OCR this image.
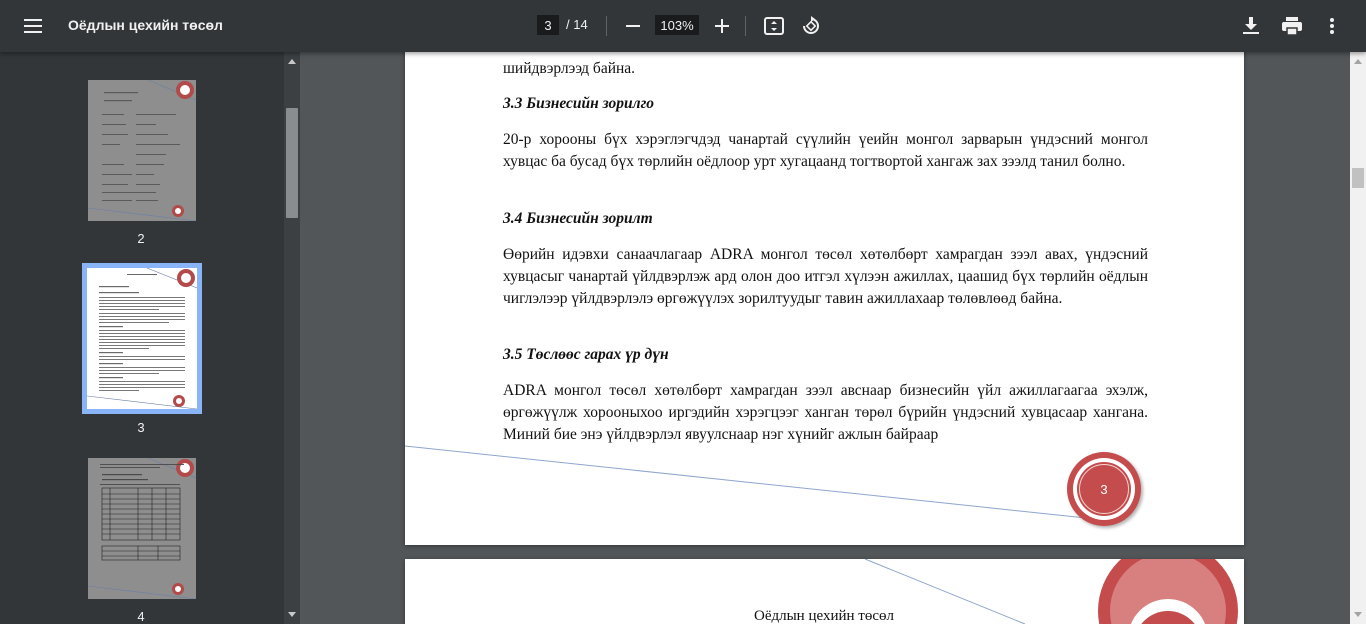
Оёдлын цехийн төсөл	3	/ 14	103%
2
3
4
шийдвэрлээд байна.
3.3 Бизнесийн зорилго
20-р хорооны бүх хэрэглэгчдэд чанартай сүүлийн үеийн монгол зарварын үндэсний монгол хувцас ба бусад бүх төрлийн оёдлоор урт хугацаанд тогтвортой хангаж зах зээлд танил болно.
3.4 Бизнесийн зорилт
Өөрийн идэвхи санаачлагаар ADRA монгол төсөл хөтөлбөрт хамрагдан зээл авах, үндэсний хувцасыг чанартай үйлдвэрлэж ард олон доо итгэл хүлээн ажиллах, цаашид бүх төрлийн оёдлын чиглэлээр үйлдвэрлэлэ өргөжүүлэх зорилтуудыг тавин ажиллахаар төлөвлөөд байна.
3.5 Төслөөс гарах үр дүн
ADRA монгол төсөл хөтөлбөрт хамрагдан зээл авснаар бизнесийн үйл ажиллагаагаа эхэлж, өргөжүүлж хорооныхоо иргэдийн хэрэгцээг ханган төрөл бүрийн үндэсний хувцасаар хангана. Миний бие энэ үйлдвэрлэл явуулснаар нэг хүнийг ажлын байраар
3
Оёдлын цехийн төсөл
